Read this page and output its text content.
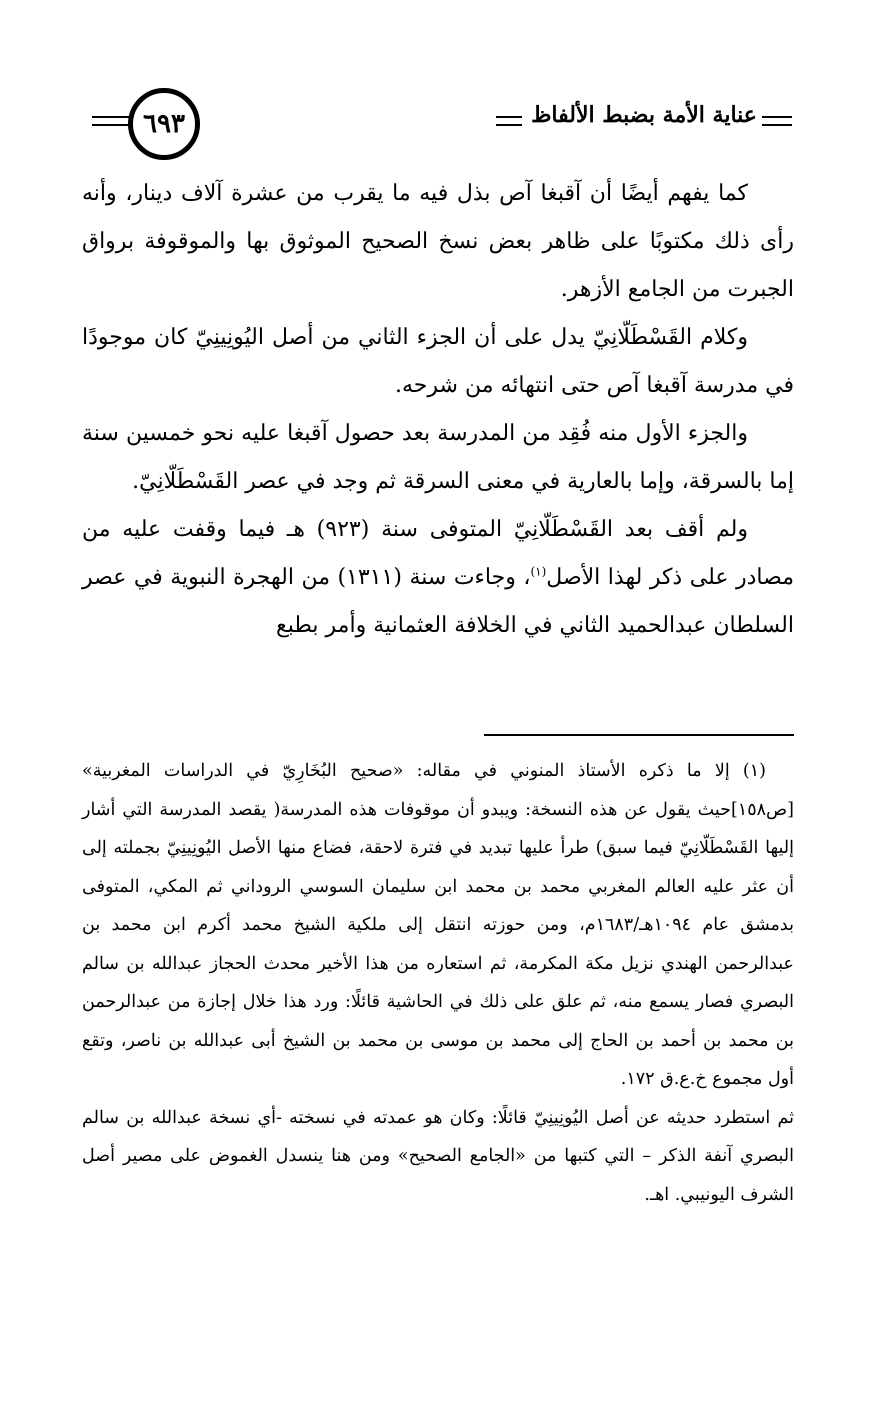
٦٩٣	عناية الأمة بضبط الألفاظ

كما يفهم أيضًا أن آقبغا آص بذل فيه ما يقرب من عشرة آلاف دينار، وأنه رأى ذلك مكتوبًا على ظاهر بعض نسخ الصحيح الموثوق بها والموقوفة برواق الجبرت من الجامع الأزهر.

وكلام القَسْطَلّانِيّ يدل على أن الجزء الثاني من أصل اليُونِينِيّ كان موجودًا في مدرسة آقبغا آص حتى انتهائه من شرحه.

والجزء الأول منه فُقِد من المدرسة بعد حصول آقبغا عليه نحو خمسين سنة إما بالسرقة، وإما بالعارية في معنى السرقة ثم وجد في عصر القَسْطَلّانِيّ.

ولم أقف بعد القَسْطَلّانِيّ المتوفى سنة (٩٢٣) هـ فيما وقفت عليه من مصادر على ذكر لهذا الأصل$^{(١)}$، وجاءت سنة (١٣١١) من الهجرة النبوية في عصر السلطان عبدالحميد الثاني في الخلافة العثمانية وأمر بطبع

(١) إلا ما ذكره الأستاذ المنوني في مقاله: «صحيح البُخَارِيّ في الدراسات المغربية» [ص١٥٨]حيث يقول عن هذه النسخة: ويبدو أن موقوفات هذه المدرسة( يقصد المدرسة التي أشار إليها القَسْطَلّانِيّ فيما سبق) طرأ عليها تبديد في فترة لاحقة، فضاع منها الأصل اليُونِينِيّ بجملته إلى أن عثر عليه العالم المغربي محمد بن محمد ابن سليمان السوسي الروداني ثم المكي، المتوفى بدمشق عام ١٠٩٤هـ/١٦٨٣م، ومن حوزته انتقل إلى ملكية الشيخ محمد أكرم ابن محمد بن عبدالرحمن الهندي نزيل مكة المكرمة، ثم استعاره من هذا الأخير محدث الحجاز عبدالله بن سالم البصري فصار يسمع منه، ثم علق على ذلك في الحاشية قائلًا: ورد هذا خلال إجازة من عبدالرحمن بن محمد بن أحمد بن الحاج إلى محمد بن موسى بن محمد بن الشيخ أبى عبدالله بن ناصر، وتقع أول مجموع خ.ع.ق ١٧٢.

ثم استطرد حديثه عن أصل اليُونِينِيّ قائلًا: وكان هو عمدته في نسخته -أي نسخة عبدالله بن سالم البصري آنفة الذكر – التي كتبها من «الجامع الصحيح» ومن هنا ينسدل الغموض على مصير أصل الشرف اليونيبي. اهـ.
